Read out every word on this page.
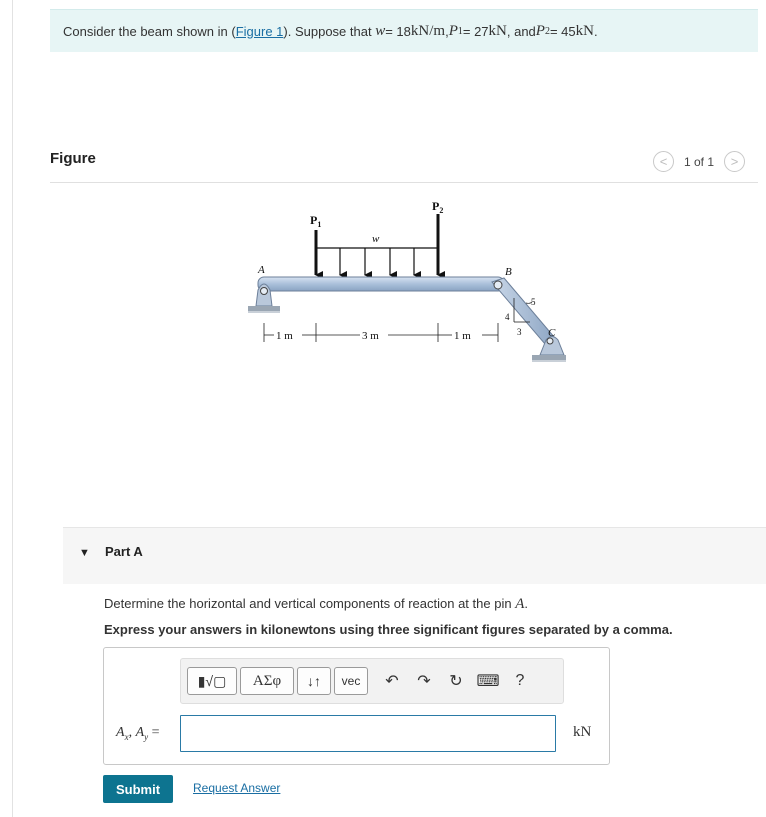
Consider the beam shown in ( Figure 1 ). Suppose that
w = 18 kN/m , P 1 = 27 kN , and P 2 = 45 kN .
Figure	<	1 of 1	>
w
$P_1$
$P_2$
A	B
C
5
4
3
1 m	3 m	1 m
▼ Part A
Determine the horizontal and vertical components of reaction at the pin A.
Express your answers in kilonewtons using three significant figures separated by a comma.
▮√▢ ΑΣφ ↓↑ vec ↶ ↷ ↻ ⌨ ?
$A_x$, $A_y$ =	kN
Submit	Request Answer
